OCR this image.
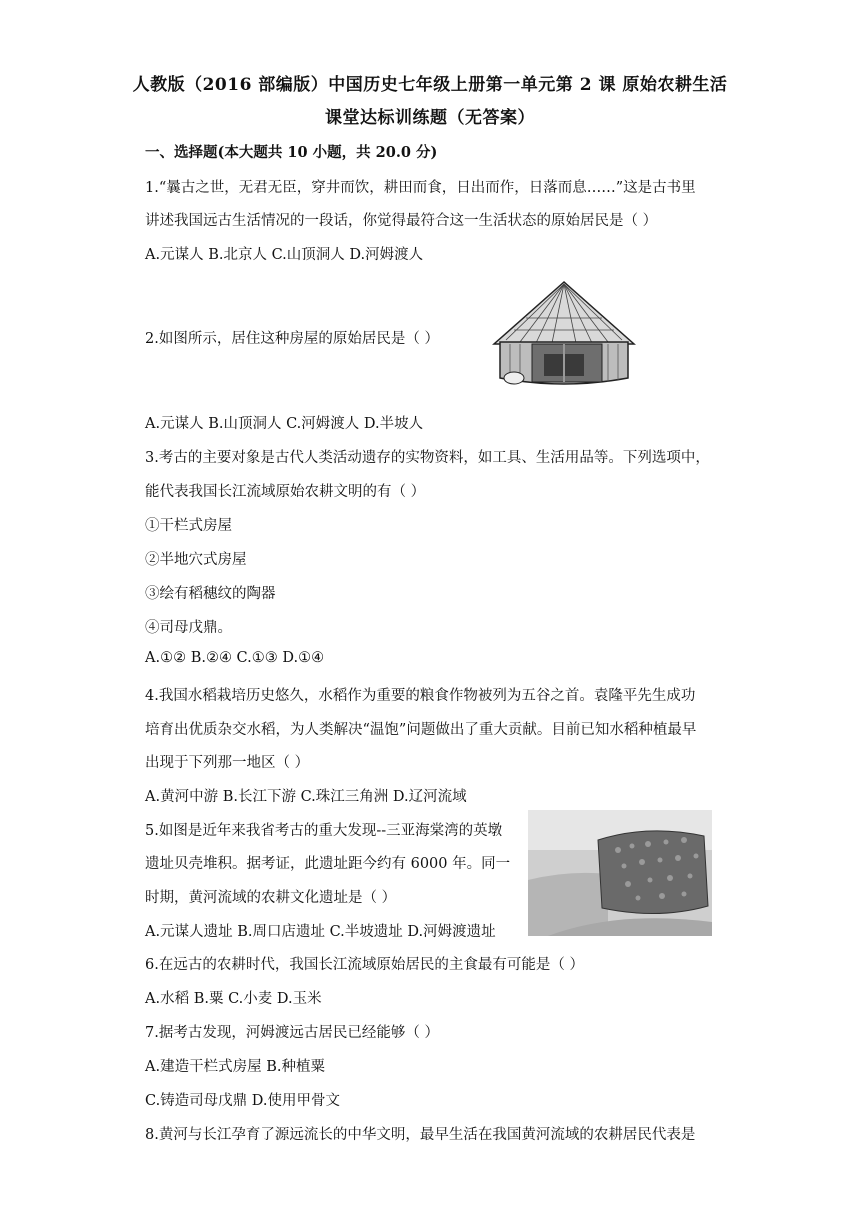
人教版（2016 部编版）中国历史七年级上册第一单元第 2 课 原始农耕生活
课堂达标训练题（无答案）
一、选择题(本大题共 10 小题，共 20.0 分)
1.“曩古之世，无君无臣，穿井而饮，耕田而食，日出而作，日落而息……”这是古书里
讲述我国远古生活情况的一段话，你觉得最符合这一生活状态的原始居民是（ ）
A.元谋人 B.北京人 C.山顶洞人 D.河姆渡人
2.如图所示，居住这种房屋的原始居民是（ ）
A.元谋人 B.山顶洞人 C.河姆渡人 D.半坡人
3.考古的主要对象是古代人类活动遗存的实物资料，如工具、生活用品等。下列选项中，
能代表我国长江流域原始农耕文明的有（ ）
①干栏式房屋
②半地穴式房屋
③绘有稻穗纹的陶器
④司母戊鼎。
A.①② B.②④ C.①③ D.①④
4.我国水稻栽培历史悠久，水稻作为重要的粮食作物被列为五谷之首。袁隆平先生成功
培育出优质杂交水稻，为人类解决“温饱”问题做出了重大贡献。目前已知水稻种植最早
出现于下列那一地区（ ）
A.黄河中游 B.长江下游 C.珠江三角洲 D.辽河流域
5.如图是近年来我省考古的重大发现--三亚海棠湾的英墩
遗址贝壳堆积。据考证，此遗址距今约有 6000 年。同一
时期，黄河流域的农耕文化遗址是（ ）
A.元谋人遗址 B.周口店遗址 C.半坡遗址 D.河姆渡遗址
6.在远古的农耕时代，我国长江流域原始居民的主食最有可能是（ ）
A.水稻 B.粟 C.小麦 D.玉米
7.据考古发现，河姆渡远古居民已经能够（ ）
A.建造干栏式房屋 B.种植粟
C.铸造司母戊鼎 D.使用甲骨文
8.黄河与长江孕育了源远流长的中华文明，最早生活在我国黄河流域的农耕居民代表是
